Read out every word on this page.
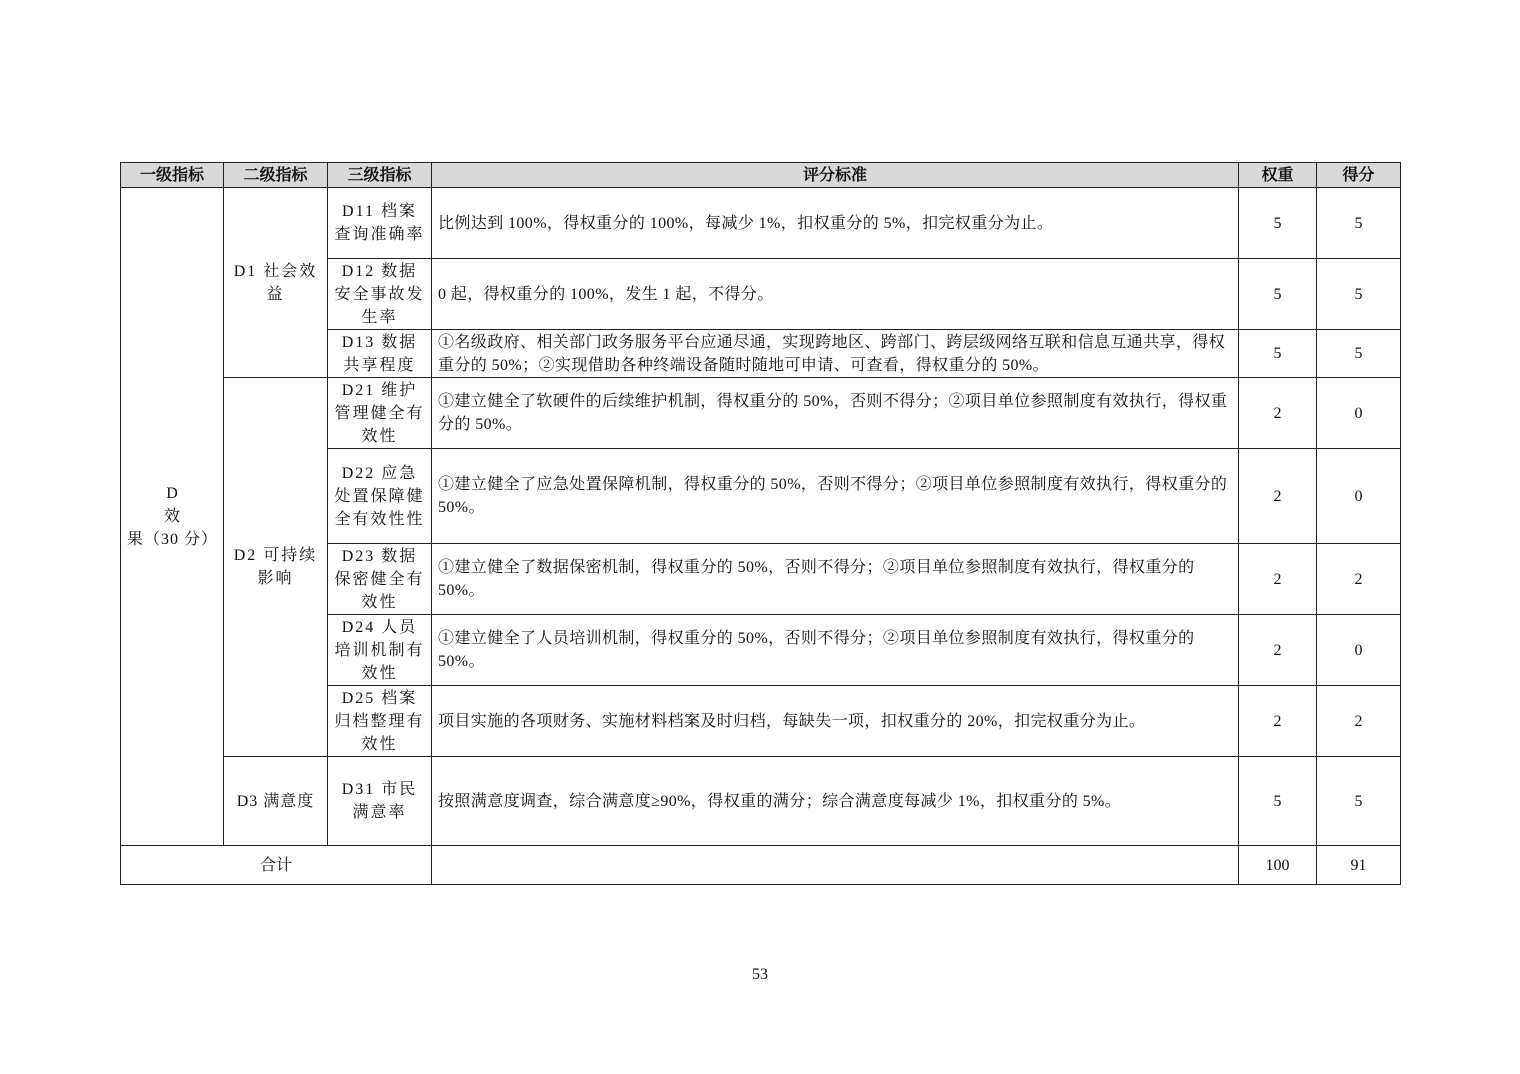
一级指标	二级指标	三级指标	评分标准	权重	得分

D
效
果（30 分）	D1 社会效益	D11 档案查询准确率	比例达到 100%，得权重分的 100%，每减少 1%，扣权重分的 5%，扣完权重分为止。	5	5
		D12 数据安全事故发生率	0 起，得权重分的 100%，发生 1 起，不得分。	5	5
		D13 数据共享程度	①名级政府、相关部门政务服务平台应通尽通，实现跨地区、跨部门、跨层级网络互联和信息互通共享，得权重分的 50%；②实现借助各种终端设备随时随地可申请、可查看，得权重分的 50%。	5	5
	D2 可持续影响	D21 维护管理健全有效性	①建立健全了软硬件的后续维护机制，得权重分的 50%，否则不得分；②项目单位参照制度有效执行，得权重分的 50%。	2	0
		D22 应急处置保障健全有效性性	①建立健全了应急处置保障机制，得权重分的 50%，否则不得分；②项目单位参照制度有效执行，得权重分的 50%。	2	0
		D23 数据保密健全有效性	①建立健全了数据保密机制，得权重分的 50%，否则不得分；②项目单位参照制度有效执行，得权重分的 50%。	2	2
		D24 人员培训机制有效性	①建立健全了人员培训机制，得权重分的 50%，否则不得分；②项目单位参照制度有效执行，得权重分的 50%。	2	0
		D25 档案归档整理有效性	项目实施的各项财务、实施材料档案及时归档，每缺失一项，扣权重分的 20%，扣完权重分为止。	2	2
	D3 满意度	D31 市民满意率	按照满意度调查，综合满意度≥90%，得权重的满分；综合满意度每减少 1%，扣权重分的 5%。	5	5
合计				100	91
53
